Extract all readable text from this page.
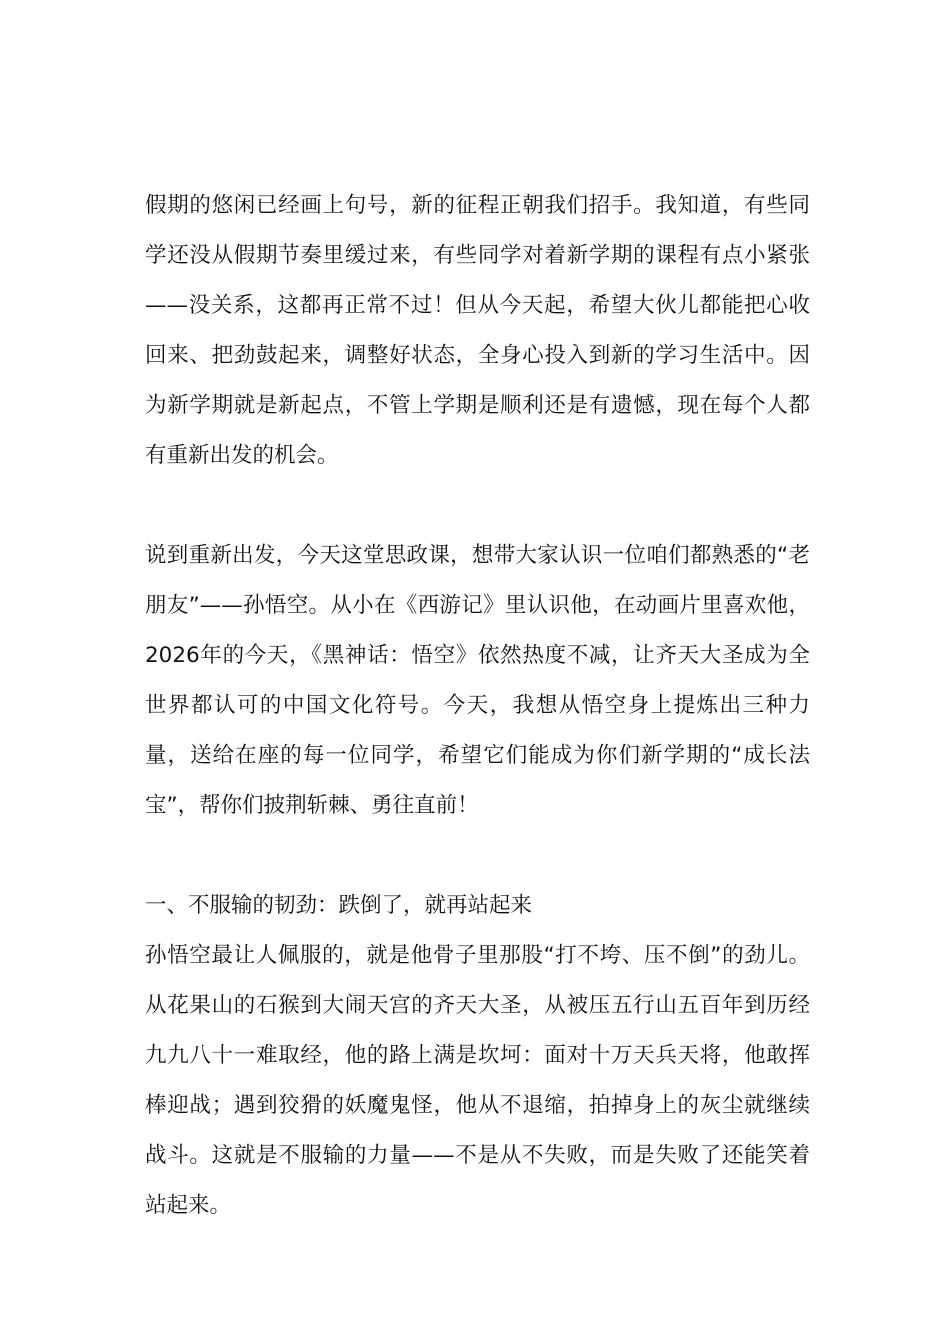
假期的悠闲已经画上句号，新的征程正朝我们招手。我知道，有些同学还没从假期节奏里缓过来，有些同学对着新学期的课程有点小紧张——没关系，这都再正常不过！但从今天起，希望大伙儿都能把心收回来、把劲鼓起来，调整好状态，全身心投入到新的学习生活中。因为新学期就是新起点，不管上学期是顺利还是有遗憾，现在每个人都有重新出发的机会。

说到重新出发，今天这堂思政课，想带大家认识一位咱们都熟悉的“老朋友”——孙悟空。从小在《西游记》里认识他，在动画片里喜欢他，2026年的今天，《黑神话：悟空》依然热度不减，让齐天大圣成为全世界都认可的中国文化符号。今天，我想从悟空身上提炼出三种力量，送给在座的每一位同学，希望它们能成为你们新学期的“成长法宝”，帮你们披荆斩棘、勇往直前！

一、不服输的韧劲：跌倒了，就再站起来

孙悟空最让人佩服的，就是他骨子里那股“打不垮、压不倒”的劲儿。从花果山的石猴到大闹天宫的齐天大圣，从被压五行山五百年到历经九九八十一难取经，他的路上满是坎坷：面对十万天兵天将，他敢挥棒迎战；遇到狡猾的妖魔鬼怪，他从不退缩，拍掉身上的灰尘就继续战斗。这就是不服输的力量——不是从不失败，而是失败了还能笑着站起来。
